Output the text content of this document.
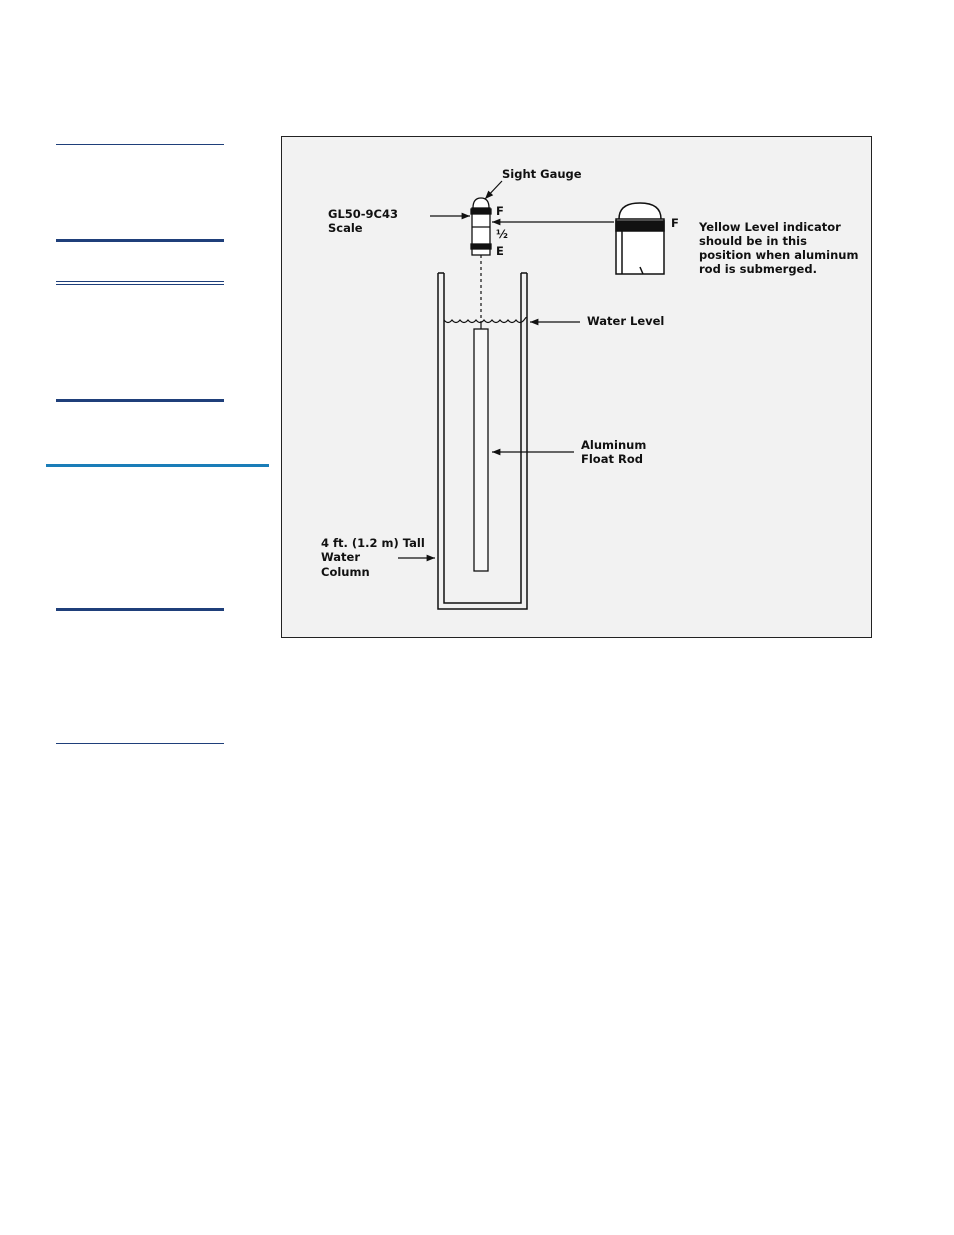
Sight Gauge
GL50-9C43
Scale
F
½
E
F Yellow Level indicator
should be in this
position when aluminum
rod is submerged.
Water Level
Aluminum
Float Rod
4 ft. (1.2 m) Tall
Water
Column
